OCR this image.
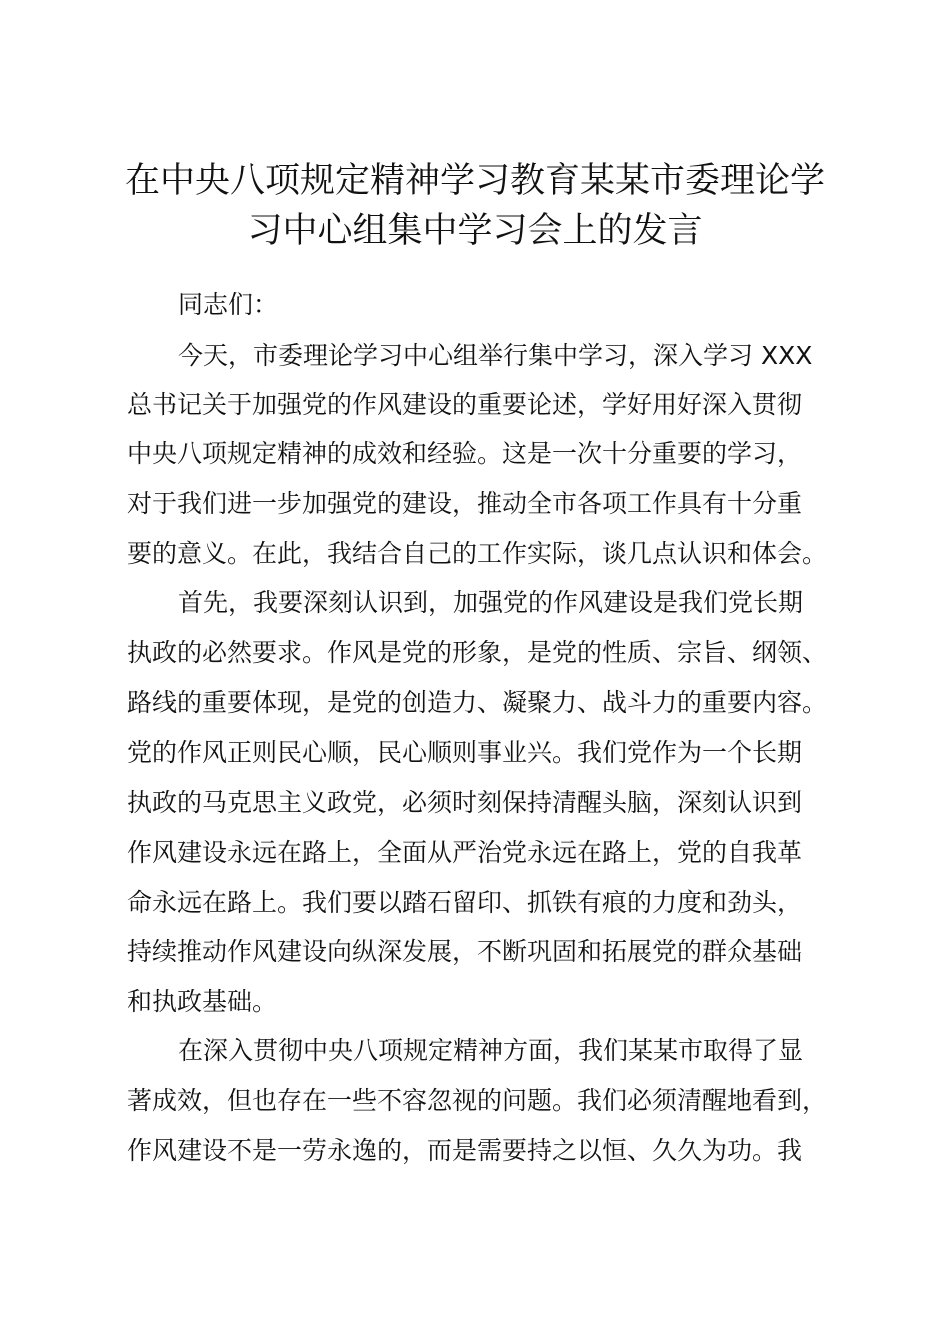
在中央八项规定精神学习教育某某市委理论学
习中心组集中学习会上的发言

同志们：

今天，市委理论学习中心组举行集中学习，深入学习 XXX

总书记关于加强党的作风建设的重要论述，学好用好深入贯彻

中央八项规定精神的成效和经验。这是一次十分重要的学习，

对于我们进一步加强党的建设，推动全市各项工作具有十分重

要的意义。在此，我结合自己的工作实际，谈几点认识和体会。

首先，我要深刻认识到，加强党的作风建设是我们党长期

执政的必然要求。作风是党的形象，是党的性质、宗旨、纲领、

路线的重要体现，是党的创造力、凝聚力、战斗力的重要内容。

党的作风正则民心顺，民心顺则事业兴。我们党作为一个长期

执政的马克思主义政党，必须时刻保持清醒头脑，深刻认识到

作风建设永远在路上，全面从严治党永远在路上，党的自我革

命永远在路上。我们要以踏石留印、抓铁有痕的力度和劲头，

持续推动作风建设向纵深发展，不断巩固和拓展党的群众基础

和执政基础。

在深入贯彻中央八项规定精神方面，我们某某市取得了显

著成效，但也存在一些不容忽视的问题。我们必须清醒地看到，

作风建设不是一劳永逸的，而是需要持之以恒、久久为功。我
